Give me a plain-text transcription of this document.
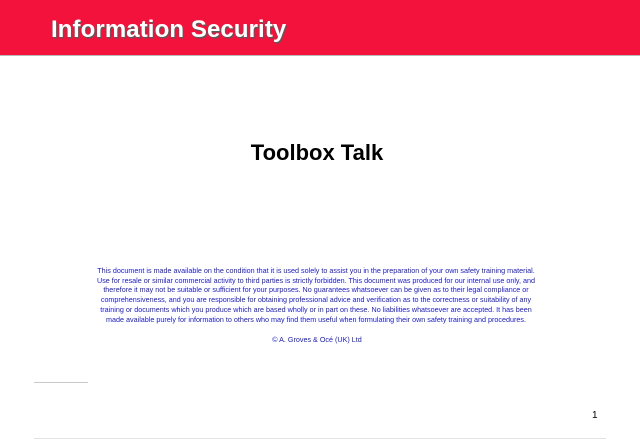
Information Security
Toolbox Talk
This document is made available on the condition that it is used solely to assist you in the preparation of your own safety training material. Use for resale or similar commercial activity to third parties is strictly forbidden. This document was produced for our internal use only, and therefore it may not be suitable or sufficient for your purposes. No guarantees whatsoever can be given as to their legal compliance or comprehensiveness, and you are responsible for obtaining professional advice and verification as to the correctness or suitability of any training or documents which you produce which are based wholly or in part on these. No liabilities whatsoever are accepted. It has been made available purely for information to others who may find them useful when formulating their own safety training and procedures.
© A. Groves & Océ (UK) Ltd
1
